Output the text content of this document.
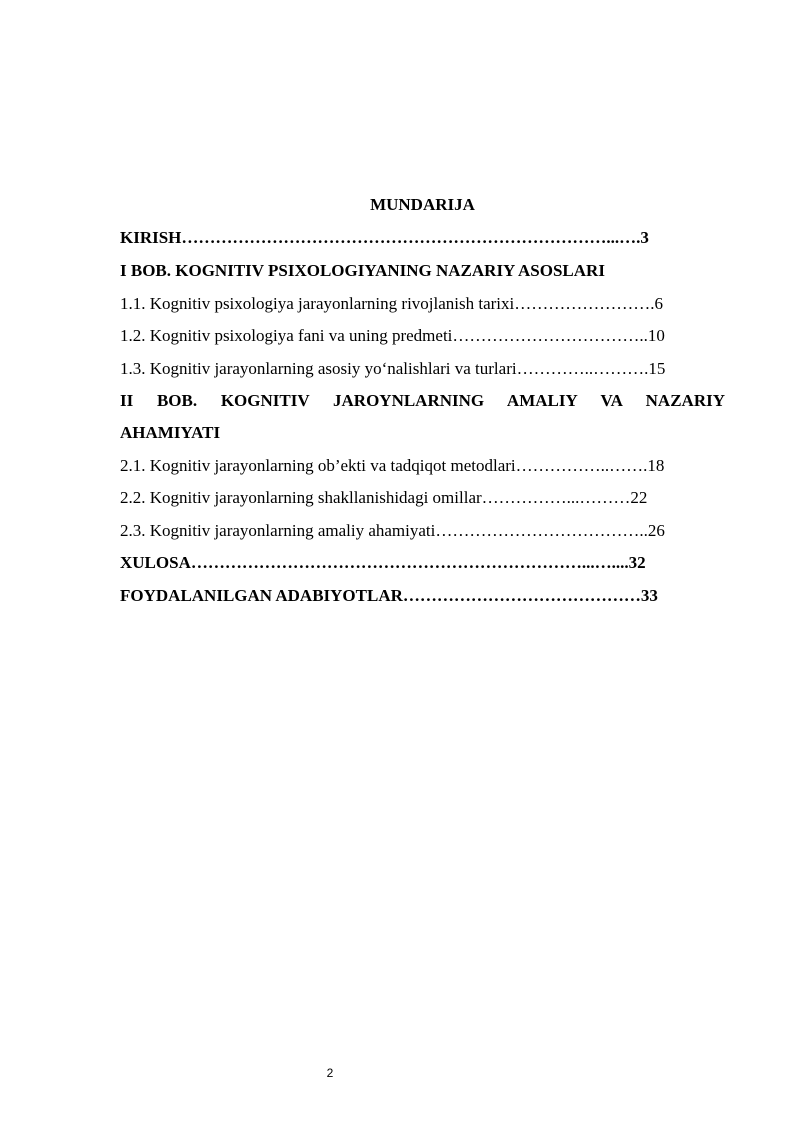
MUNDARIJA
KIRISH…………………………………………………………………...….3
I BOB. KOGNITIV PSIXOLOGIYANING NAZARIY ASOSLARI
1.1. Kognitiv psixologiya jarayonlarning rivojlanish tarixi…………………….6
1.2. Kognitiv psixologiya fani va uning predmeti……………………………..10
1.3. Kognitiv jarayonlarning asosiy yo‘nalishlari va turlari…………..……….15
II BOB. KOGNITIV JAROYNLARNING AMALIY VA NAZARIY
AHAMIYATI
2.1. Kognitiv jarayonlarning ob’ekti va tadqiqot metodlari……………..…….18
2.2. Kognitiv jarayonlarning shakllanishidagi omillar……………...………22
2.3. Kognitiv jarayonlarning amaliy ahamiyati………………………………..26
XULOSA……………………………………………………………...…....32
FOYDALANILGAN ADABIYOTLAR……………………………………33
2
